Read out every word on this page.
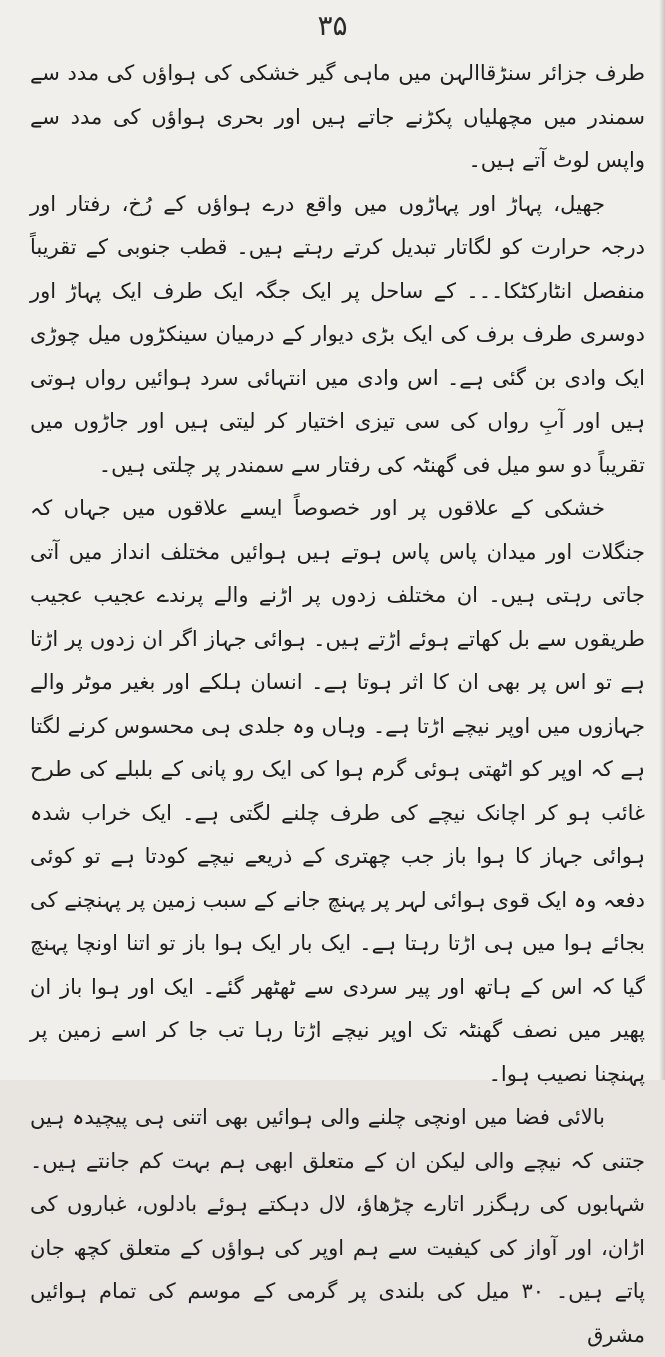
۳۵

طرف جزائر سنڑقاالہن میں ماہی گیر خشکی کی ہواؤں کی مدد سے سمندر میں مچھلیاں پکڑنے جاتے ہیں اور بحری ہواؤں کی مدد سے واپس لوٹ آتے ہیں۔

جھیل، پہاڑ اور پہاڑوں میں واقع درے ہواؤں کے رُخ، رفتار اور درجہ حرارت کو لگاتار تبدیل کرتے رہتے ہیں۔ قطب جنوبی کے تقریباً منفصل انٹارکٹکا۔۔۔ کے ساحل پر ایک جگہ ایک طرف ایک پہاڑ اور دوسری طرف برف کی ایک بڑی دیوار کے درمیان سینکڑوں میل چوڑی ایک وادی بن گئی ہے۔ اس وادی میں انتہائی سرد ہوائیں رواں ہوتی ہیں اور آبِ رواں کی سی تیزی اختیار کر لیتی ہیں اور جاڑوں میں تقریباً دو سو میل فی گھنٹہ کی رفتار سے سمندر پر چلتی ہیں۔

خشکی کے علاقوں پر اور خصوصاً ایسے علاقوں میں جہاں کہ جنگلات اور میدان پاس پاس ہوتے ہیں ہوائیں مختلف انداز میں آتی جاتی رہتی ہیں۔ ان مختلف زدوں پر اڑنے والے پرندے عجیب عجیب طریقوں سے بل کھاتے ہوئے اڑتے ہیں۔ ہوائی جہاز اگر ان زدوں پر اڑتا ہے تو اس پر بھی ان کا اثر ہوتا ہے۔ انسان ہلکے اور بغیر موٹر والے جہازوں میں اوپر نیچے اڑتا ہے۔ وہاں وہ جلدی ہی محسوس کرنے لگتا ہے کہ اوپر کو اٹھتی ہوئی گرم ہوا کی ایک رو پانی کے بلبلے کی طرح غائب ہو کر اچانک نیچے کی طرف چلنے لگتی ہے۔ ایک خراب شدہ ہوائی جہاز کا ہوا باز جب چھتری کے ذریعے نیچے کودتا ہے تو کوئی دفعہ وہ ایک قوی ہوائی لہر پر پہنچ جانے کے سبب زمین پر پہنچنے کی بجائے ہوا میں ہی اڑتا رہتا ہے۔ ایک بار ایک ہوا باز تو اتنا اونچا پہنچ گیا کہ اس کے ہاتھ اور پیر سردی سے ٹھٹھر گئے۔ ایک اور ہوا باز ان پھیر میں نصف گھنٹہ تک اوپر نیچے اڑتا رہا تب جا کر اسے زمین پر پہنچنا نصیب ہوا۔

بالائی فضا میں اونچی چلنے والی ہوائیں بھی اتنی ہی پیچیدہ ہیں جتنی کہ نیچے والی لیکن ان کے متعلق ابھی ہم بہت کم جانتے ہیں۔ شہابوں کی رہگزر اتارے چڑھاؤ، لال دہکتے ہوئے بادلوں، غباروں کی اڑان، اور آواز کی کیفیت سے ہم اوپر کی ہواؤں کے متعلق کچھ جان پاتے ہیں۔ ۳۰ میل کی بلندی پر گرمی کے موسم کی تمام ہوائیں مشرق
